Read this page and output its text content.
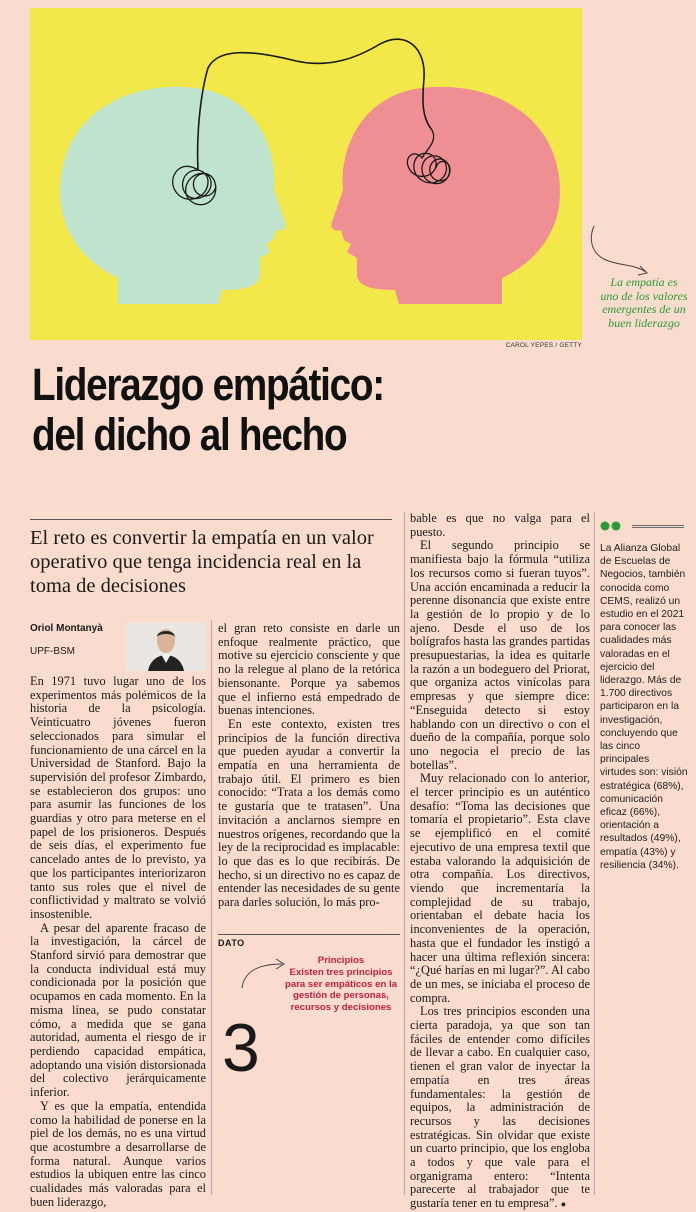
CAROL YEPES / GETTY
La empatía es uno de los valores emergentes de un buen liderazgo
Liderazgo empático:
del dicho al hecho
El reto es convertir la empatía en un valor operativo que tenga incidencia real en la toma de decisiones
Oriol Montanyà
UPF-BSM

En 1971 tuvo lugar uno de los experimentos más polémicos de la historia de la psicología. Veinticuatro jóvenes fueron seleccionados para simular el funcionamiento de una cárcel en la Universidad de Stanford. Bajo la supervisión del profesor Zimbardo, se establecieron dos grupos: uno para asumir las funciones de los guardias y otro para meterse en el papel de los prisioneros. Después de seis días, el experimento fue cancelado antes de lo previsto, ya que los participantes interiorizaron tanto sus roles que el nivel de conflictividad y maltrato se volvió insostenible.

A pesar del aparente fracaso de la investigación, la cárcel de Stanford sirvió para demostrar que la conducta individual está muy condicionada por la posición que ocupamos en cada momento. En la misma línea, se pudo constatar cómo, a medida que se gana autoridad, aumenta el riesgo de ir perdiendo capacidad empática, adoptando una visión distorsionada del colectivo jerárquicamente inferior.

Y es que la empatía, entendida como la habilidad de ponerse en la piel de los demás, no es una virtud que acostumbre a desarrollarse de forma natural. Aunque varios estudios la ubiquen entre las cinco cualidades más valoradas para el buen liderazgo,

el gran reto consiste en darle un enfoque realmente práctico, que motive su ejercicio consciente y que no la relegue al plano de la retórica biensonante. Porque ya sabemos que el infierno está empedrado de buenas intenciones.

En este contexto, existen tres principios de la función directiva que pueden ayudar a convertir la empatía en una herramienta de trabajo útil. El primero es bien conocido: “Trata a los demás como te gustaría que te tratasen”. Una invitación a anclarnos siempre en nuestros orígenes, recordando que la ley de la reciprocidad es implacable: lo que das es lo que recibirás. De hecho, si un directivo no es capaz de entender las necesidades de su gente para darles solución, lo más pro-

DATO
3
Principios
Existen tres principios para ser empáticos en la gestión de personas, recursos y decisiones

bable es que no valga para el puesto.

El segundo principio se manifiesta bajo la fórmula “utiliza los recursos como si fueran tuyos”. Una acción encaminada a reducir la perenne disonancia que existe entre la gestión de lo propio y de lo ajeno. Desde el uso de los bolígrafos hasta las grandes partidas presupuestarias, la idea es quitarle la razón a un bodeguero del Priorat, que organiza actos vinícolas para empresas y que siempre dice: “Enseguida detecto si estoy hablando con un directivo o con el dueño de la compañía, porque solo uno negocia el precio de las botellas”.

Muy relacionado con lo anterior, el tercer principio es un auténtico desafío: “Toma las decisiones que tomaría el propietario”. Esta clave se ejemplificó en el comité ejecutivo de una empresa textil que estaba valorando la adquisición de otra compañía. Los directivos, viendo que incrementaría la complejidad de su trabajo, orientaban el debate hacia los inconvenientes de la operación, hasta que el fundador les instigó a hacer una última reflexión sincera: “¿Qué harías en mi lugar?”. Al cabo de un mes, se iniciaba el proceso de compra.

Los tres principios esconden una cierta paradoja, ya que son tan fáciles de entender como difíciles de llevar a cabo. En cualquier caso, tienen el gran valor de inyectar la empatía en tres áreas fundamentales: la gestión de equipos, la administración de recursos y las decisiones estratégicas. Sin olvidar que existe un cuarto principio, que los engloba a todos y que vale para el organigrama entero: “Intenta parecerte al trabajador que te gustaría tener en tu empresa”. ●

La Alianza Global de Escuelas de Negocios, también conocida como CEMS, realizó un estudio en el 2021 para conocer las cualidades más valoradas en el ejercicio del liderazgo. Más de 1.700 directivos participaron en la investigación, concluyendo que las cinco principales virtudes son: visión estratégica (68%), comunicación eficaz (66%), orientación a resultados (49%), empatía (43%) y resiliencia (34%).
